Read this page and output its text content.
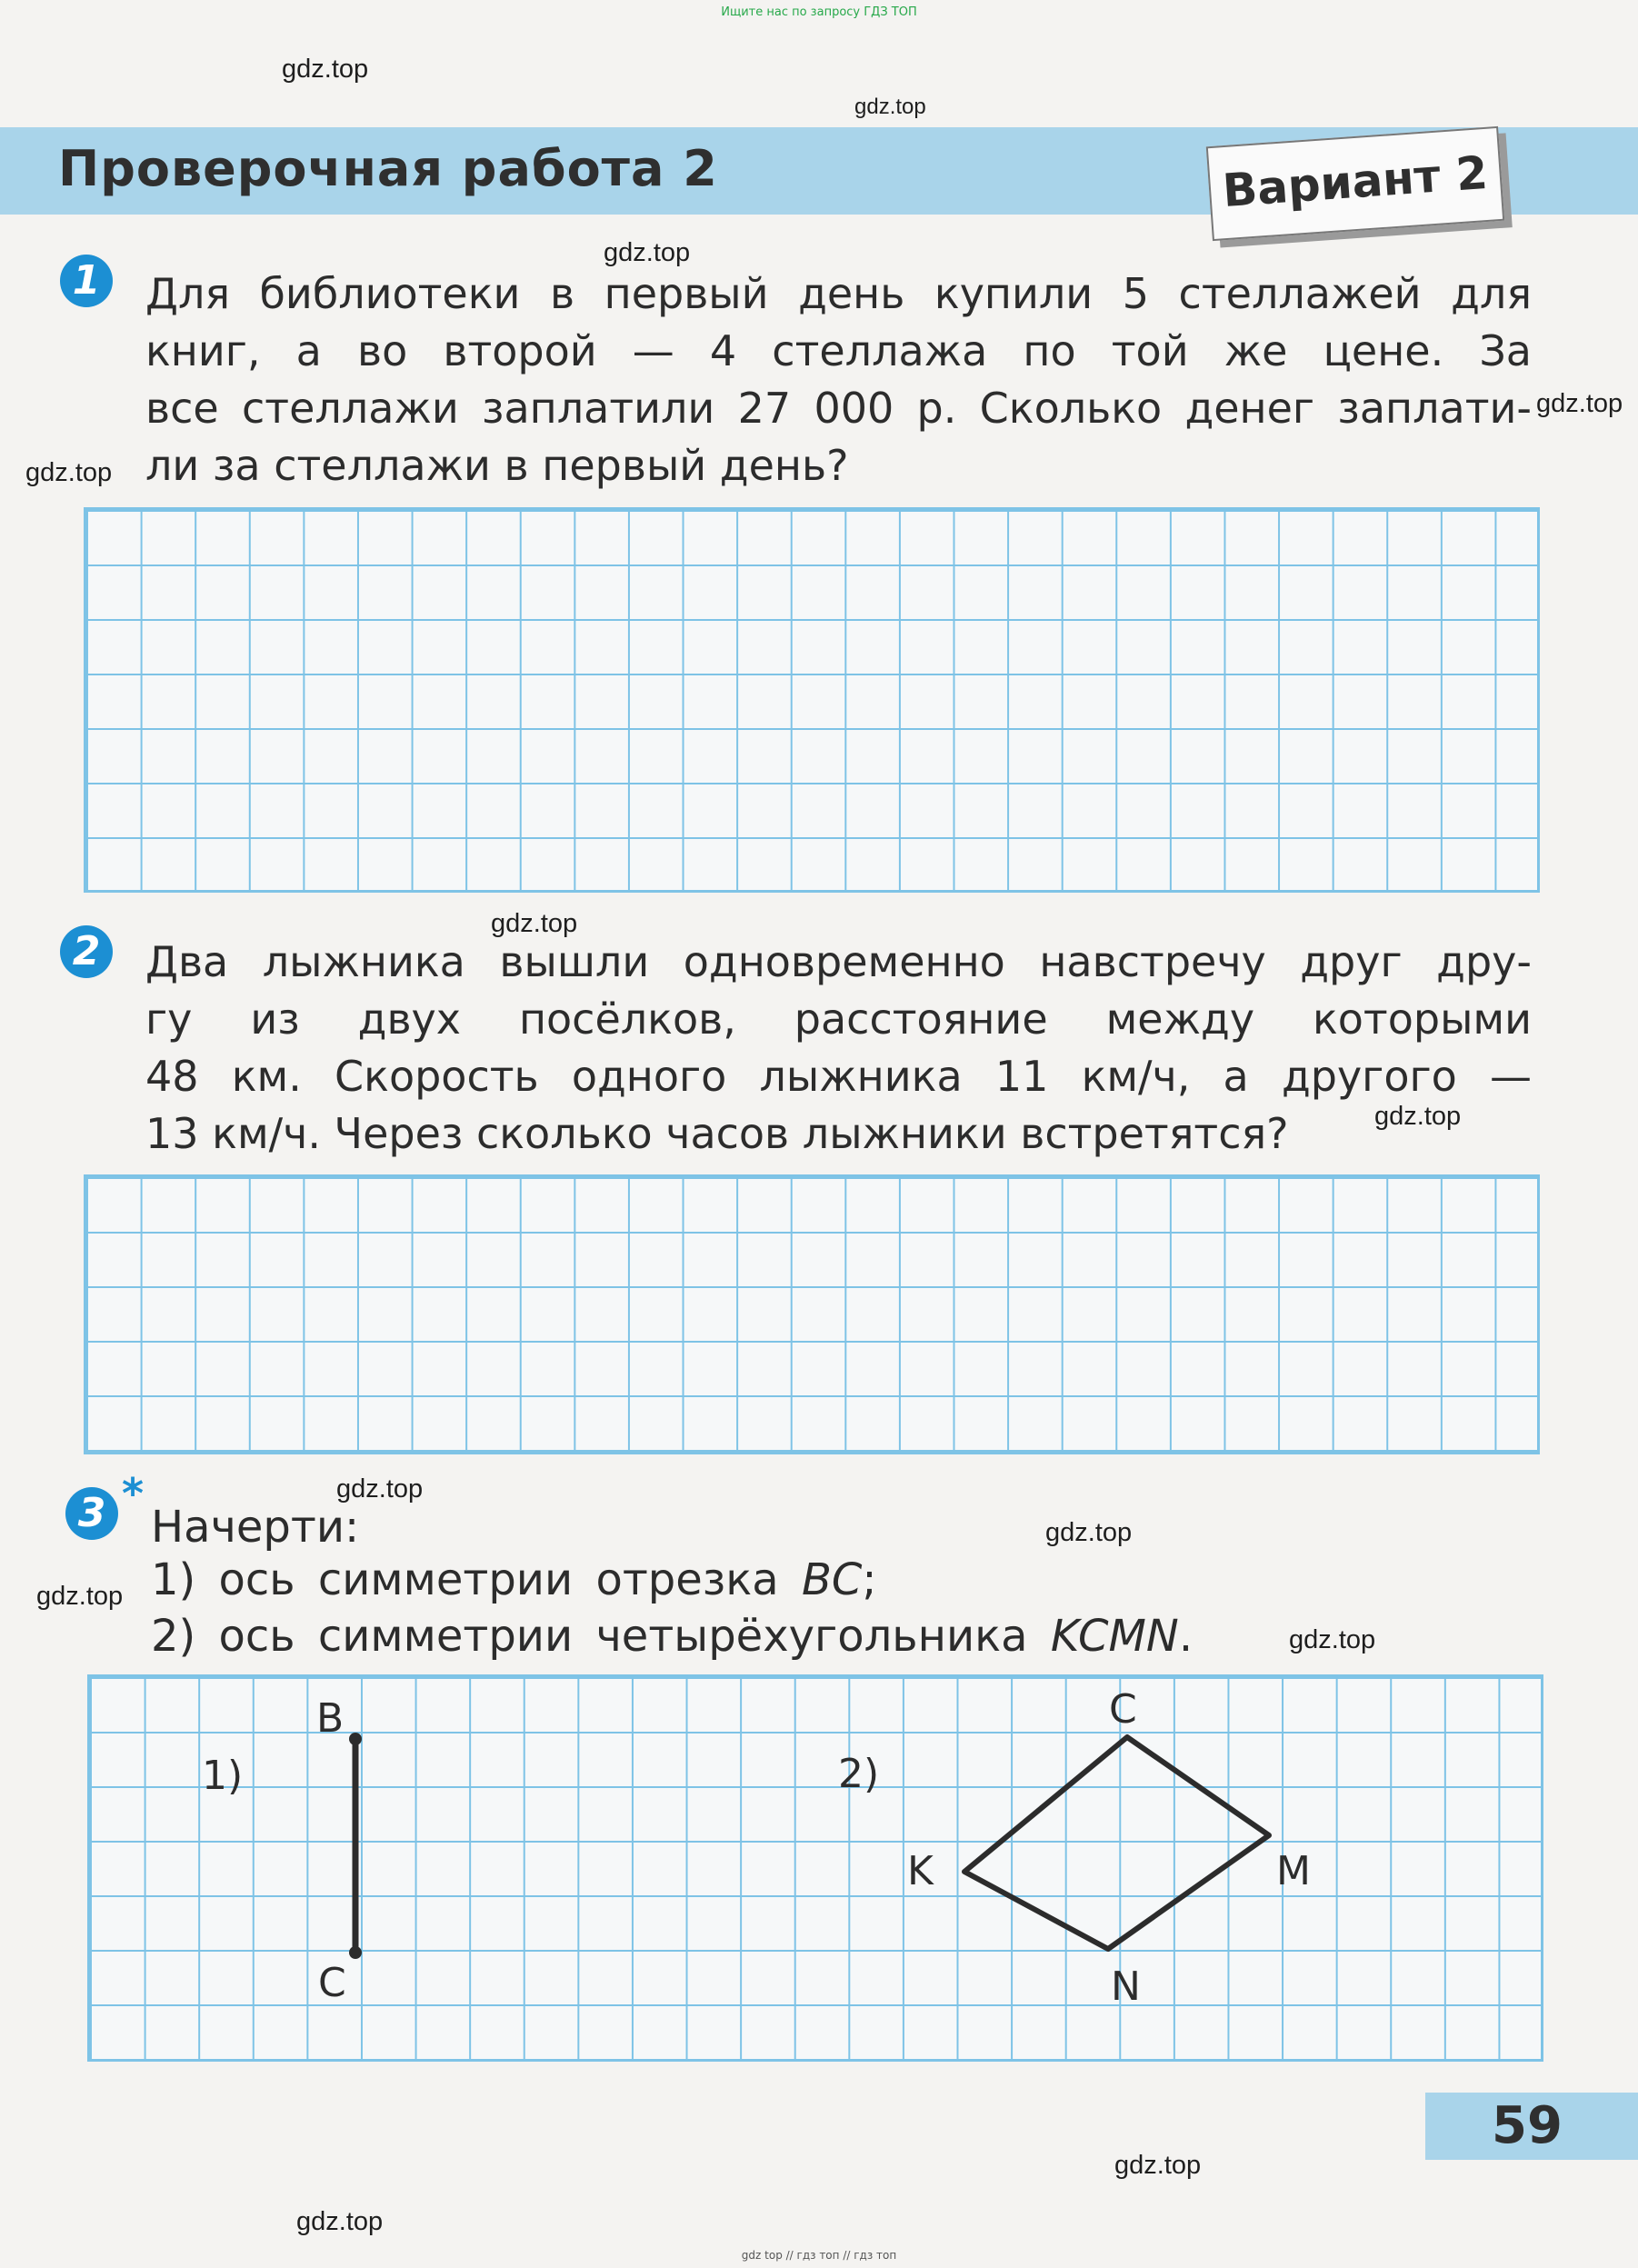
Ищите нас по запросу ГДЗ ТОП
gdz.top
gdz.top
gdz.top
gdz.top
gdz.top
gdz.top
gdz.top
gdz.top
gdz.top
gdz.top
gdz.top
gdz.top
gdz.top
Проверочная работа 2	Вариант 2
1 Для библиотеки в первый день купили 5 стеллажей для
книг, а во второй — 4 стеллажа по той же цене. За
все стеллажи заплатили 27 000 р. Сколько денег заплати-
ли за стеллажи в первый день?
2 Два лыжника вышли одновременно навстречу друг дру-
гу из двух посёлков, расстояние между которыми
48 км. Скорость одного лыжника 11 км/ч, а другого —
13 км/ч. Через сколько часов лыжники встретятся?
3 *
Начерти:
1) ось симметрии отрезка BC;
2) ось симметрии четырёхугольника KCMN.
1)	2)
B
C
C
K	M
N
59
gdz top // гдз топ // гдз топ
